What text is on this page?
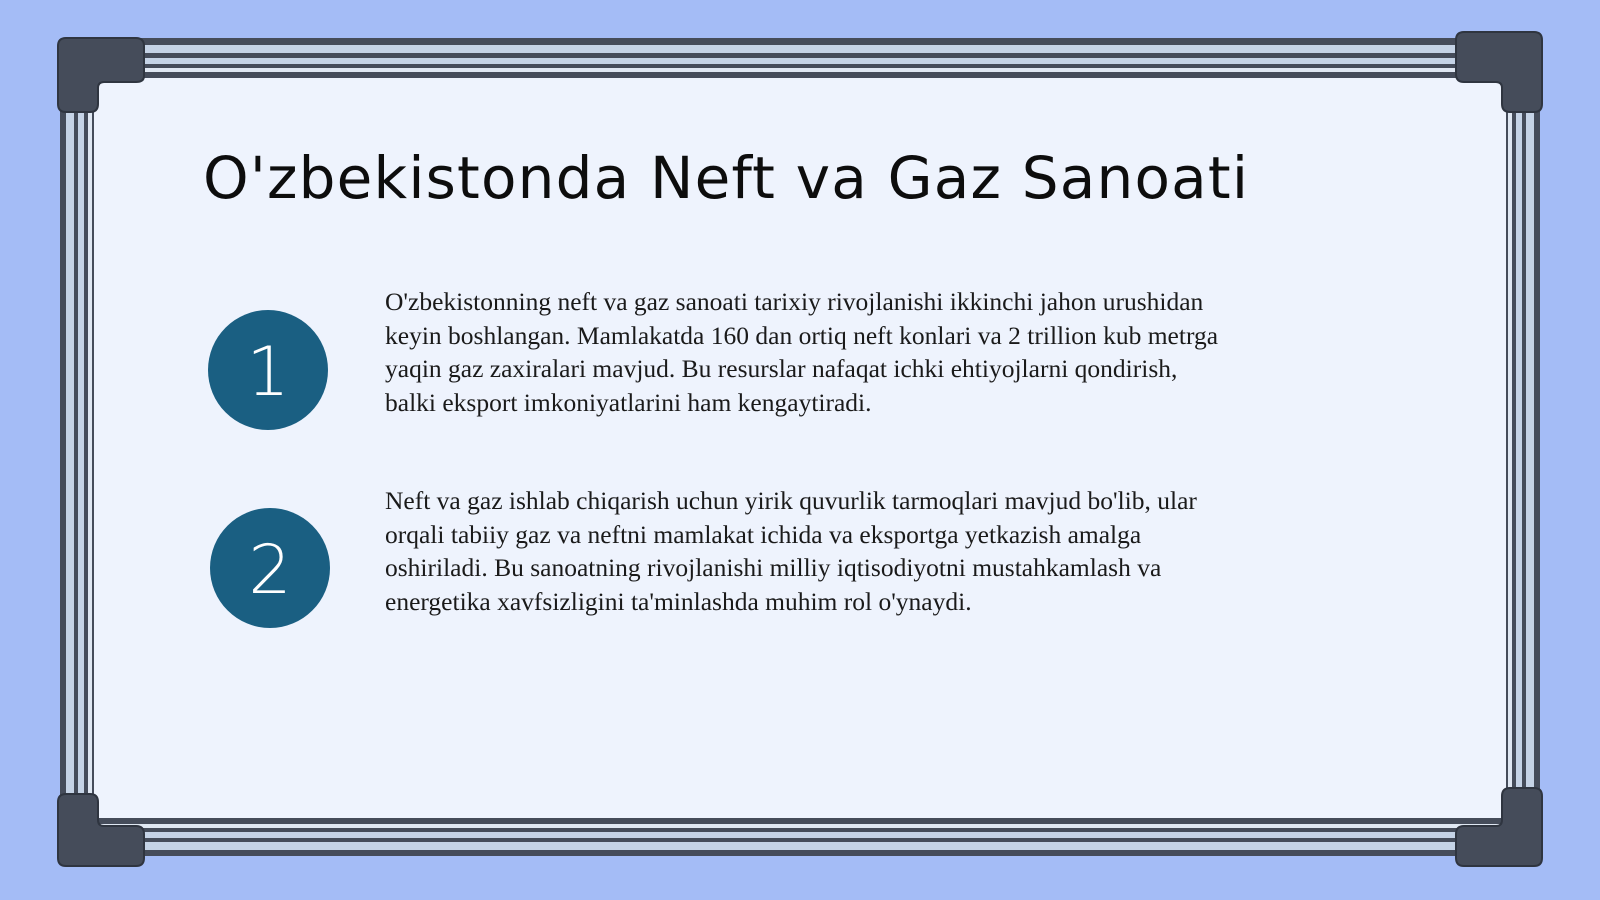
O'zbekistonda Neft va Gaz Sanoati
1
O'zbekistonning neft va gaz sanoati tarixiy rivojlanishi ikkinchi jahon urushidan keyin boshlangan. Mamlakatda 160 dan ortiq neft konlari va 2 trillion kub metrga yaqin gaz zaxiralari mavjud. Bu resurslar nafaqat ichki ehtiyojlarni qondirish, balki eksport imkoniyatlarini ham kengaytiradi.
2
Neft va gaz ishlab chiqarish uchun yirik quvurlik tarmoqlari mavjud bo'lib, ular orqali tabiiy gaz va neftni mamlakat ichida va eksportga yetkazish amalga oshiriladi. Bu sanoatning rivojlanishi milliy iqtisodiyotni mustahkamlash va energetika xavfsizligini ta'minlashda muhim rol o'ynaydi.
